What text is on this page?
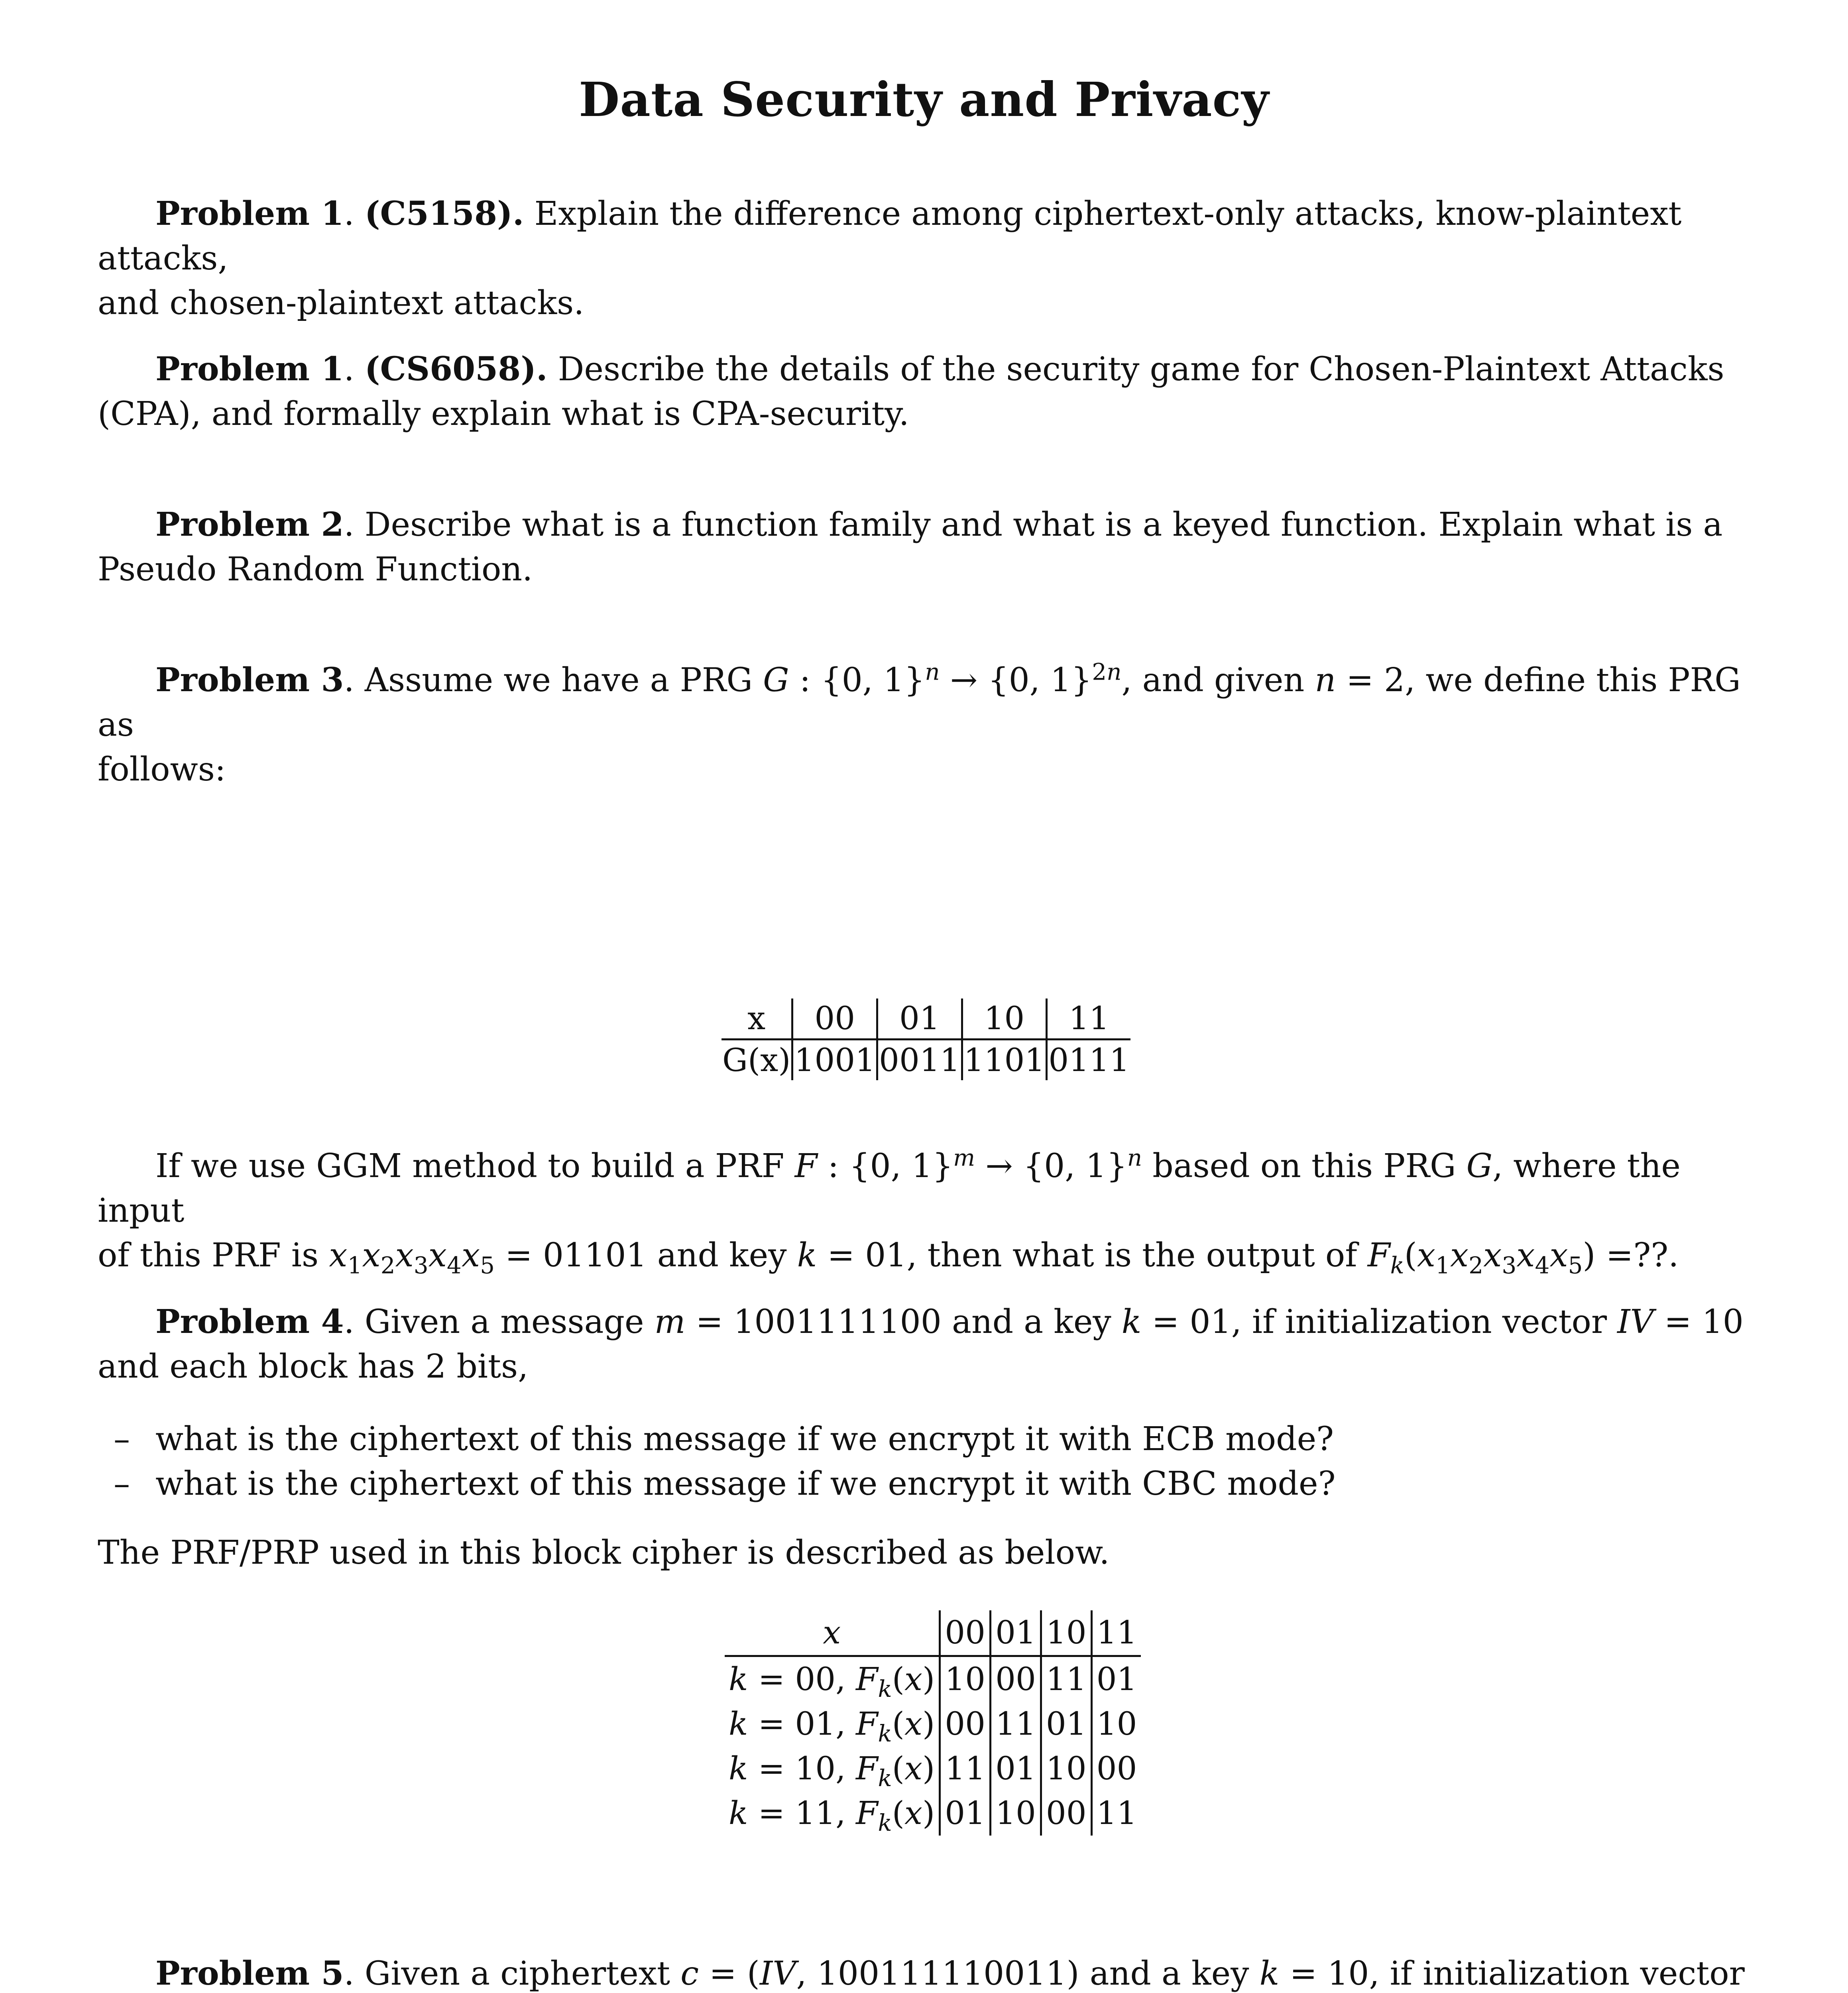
Data Security and Privacy
Problem 1. (C5158). Explain the difference among ciphertext-only attacks, know-plaintext attacks,
and chosen-plaintext attacks.
Problem 1. (CS6058). Describe the details of the security game for Chosen-Plaintext Attacks
(CPA), and formally explain what is CPA-security.
Problem 2. Describe what is a function family and what is a keyed function. Explain what is a
Pseudo Random Function.
Problem 3. Assume we have a PRG G : {0, 1}$^n$ → {0, 1}$^{2n}$, and given n = 2, we define this PRG as
follows:
x	00	01	10	11
G(x)	1001	0011	1101	0111
If we use GGM method to build a PRF F : {0, 1}$^m$ → {0, 1}$^n$ based on this PRG G, where the input
of this PRF is $x_1x_2x_3x_4x_5 = 01101$ and key k = 01, then what is the output of $F_k(x_1x_2x_3x_4x_5)$ =??.
Problem 4. Given a message m = 1001111100 and a key k = 01, if initialization vector IV = 10
and each block has 2 bits,
– what is the ciphertext of this message if we encrypt it with ECB mode?
– what is the ciphertext of this message if we encrypt it with CBC mode?
The PRF/PRP used in this block cipher is described as below.
x	00	01	10	11
k = 00, $F_k(x)$	10	00	11	01
k = 01, $F_k(x)$	00	11	01	10
k = 10, $F_k(x)$	11	01	10	00
k = 11, $F_k(x)$	01	10	00	11
Problem 5. Given a ciphertext c = (IV, 100111110011) and a key k = 10, if initialization vector
